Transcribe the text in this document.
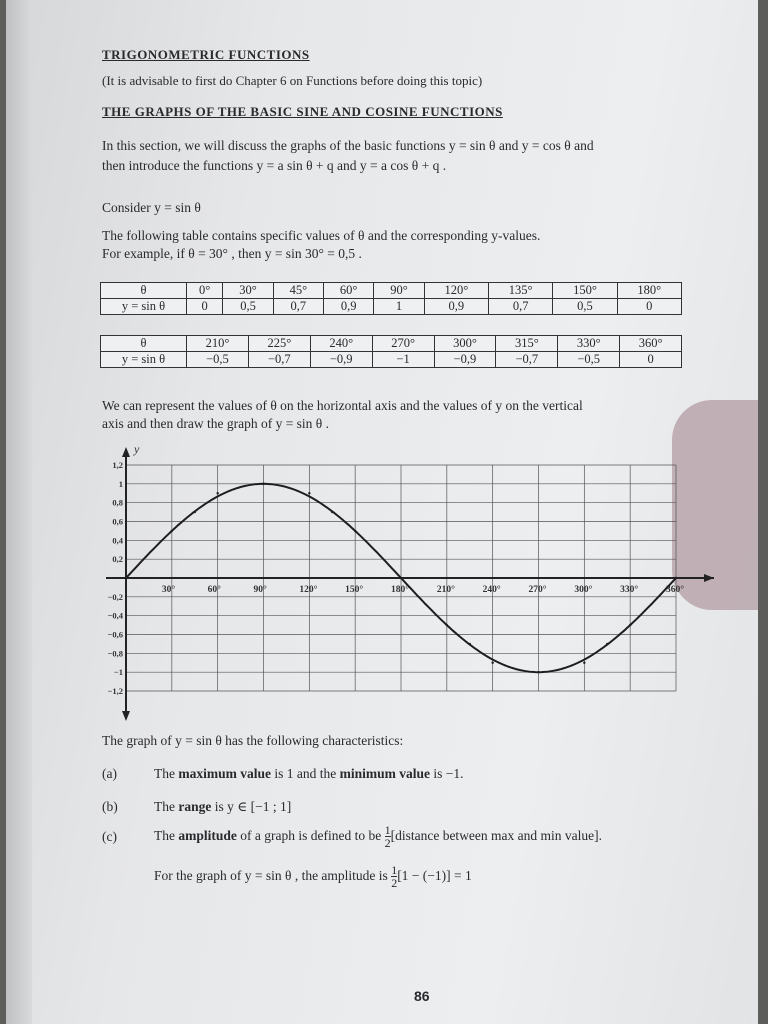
TRIGONOMETRIC FUNCTIONS
(It is advisable to first do Chapter 6 on Functions before doing this topic)
THE GRAPHS OF THE BASIC SINE AND COSINE FUNCTIONS
In this section, we will discuss the graphs of the basic functions y = sin θ and y = cos θ and
then introduce the functions y = a sin θ + q and y = a cos θ + q .
Consider y = sin θ
The following table contains specific values of θ and the corresponding y-values.
For example, if θ = 30° , then y = sin 30° = 0,5 .
θ	0°	30°	45°	60°	90°	120°	135°	150°	180°
y = sin θ	0	0,5	0,7	0,9	1	0,9	0,7	0,5	0
θ	210°	225°	240°	270°	300°	315°	330°	360°
y = sin θ	−0,5	−0,7	−0,9	−1	−0,9	−0,7	−0,5	0
We can represent the values of θ on the horizontal axis and the values of y on the vertical
axis and then draw the graph of y = sin θ .
y
30°	60°	90°	120°	150°	180°	210°	240°	270°	300°	330°	360°
1,2
1
0,8
0,6
0,4
0,2
−0,2
−0,4
−0,6
−0,8
−1
−1,2
The graph of y = sin θ has the following characteristics:
(a)	The maximum value is 1 and the minimum value is −1.
(b)	The range is y ∈ [−1 ; 1]
(c)	The amplitude of a graph is defined to be $\frac{1}{2}$ [distance between max and min value].
For the graph of y = sin θ , the amplitude is $\frac{1}{2} [1 - (-1)] = 1$
86
